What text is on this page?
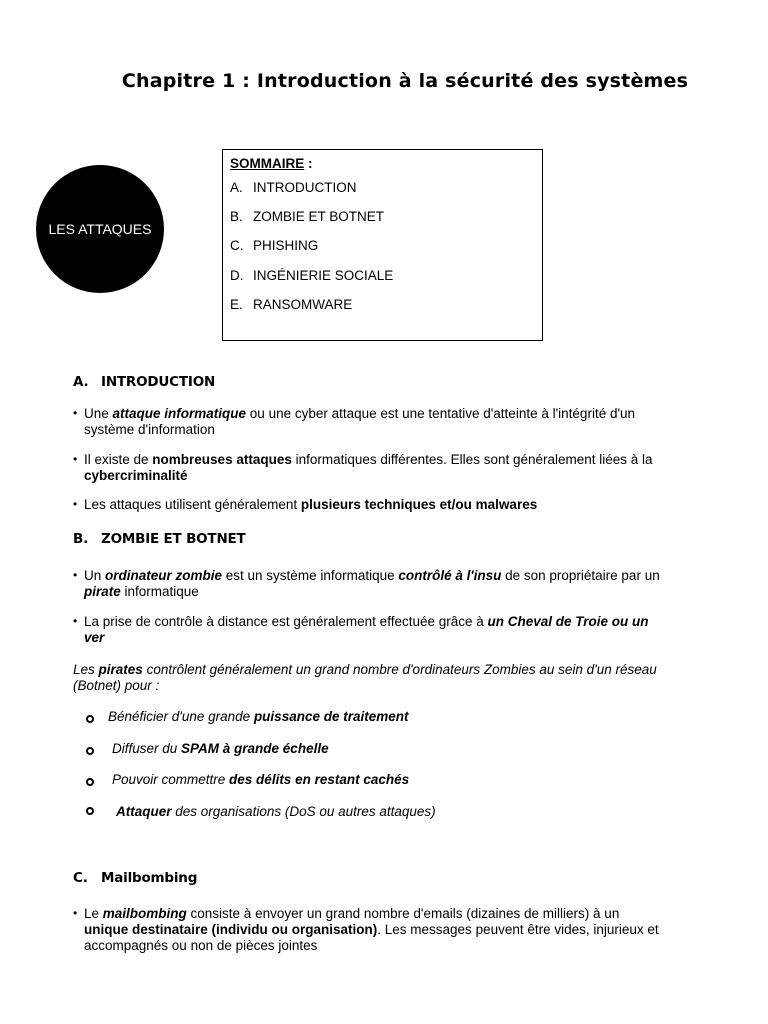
Chapitre 1 : Introduction à la sécurité des systèmes
LES ATTAQUES
SOMMAIRE :
A. INTRODUCTION
B. ZOMBIE ET BOTNET
C. PHISHING
D. INGÉNIERIE SOCIALE
E. RANSOMWARE
A. INTRODUCTION
• Une attaque informatique ou une cyber attaque est une tentative d'atteinte à l'intégrité d'un
système d'information
• Il existe de nombreuses attaques informatiques différentes. Elles sont généralement liées à la
cybercriminalité
• Les attaques utilisent généralement plusieurs techniques et/ou malwares
B. ZOMBIE ET BOTNET
• Un ordinateur zombie est un système informatique contrôlé à l'insu de son propriétaire par un
pirate informatique
• La prise de contrôle à distance est généralement effectuée grâce à un Cheval de Troie ou un
ver
Les pirates contrôlent généralement un grand nombre d'ordinateurs Zombies au sein d'un réseau
(Botnet) pour :
Bénéficier d'une grande puissance de traitement
Diffuser du SPAM à grande échelle
Pouvoir commettre des délits en restant cachés
Attaquer des organisations (DoS ou autres attaques)
C. Mailbombing
• Le mailbombing consiste à envoyer un grand nombre d'emails (dizaines de milliers) à un
unique destinataire (individu ou organisation). Les messages peuvent être vides, injurieux et
accompagnés ou non de pièces jointes
